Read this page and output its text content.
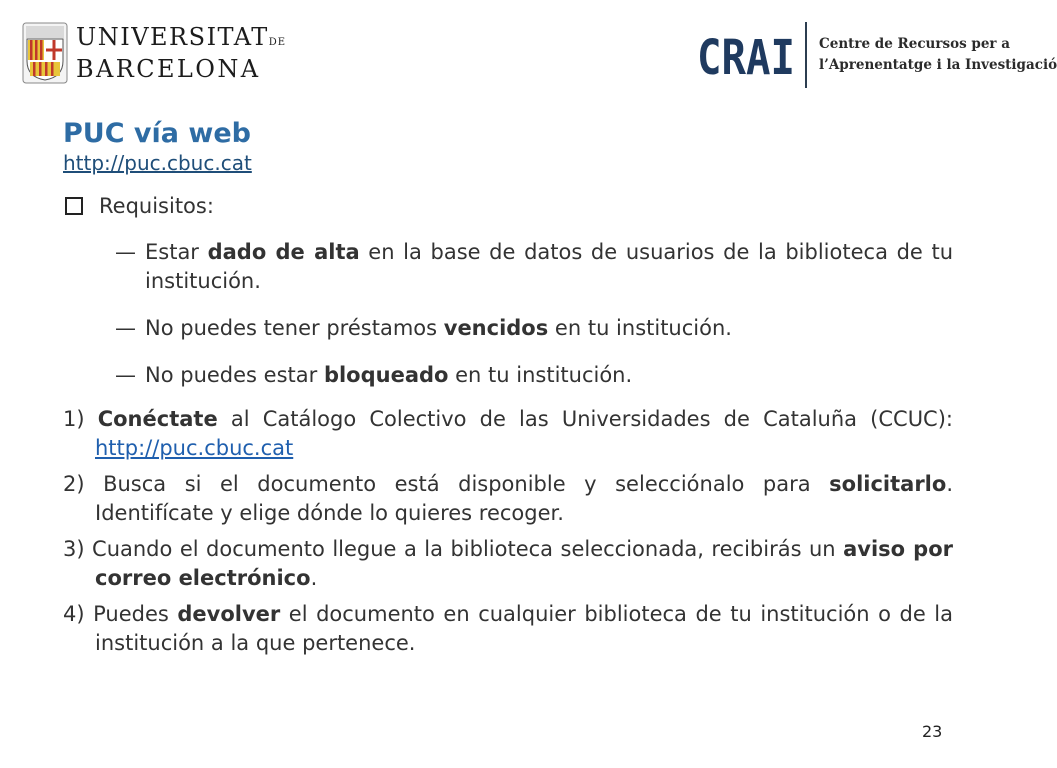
UNIVERSITATDE
BARCELONA	CRAI Centre de Recursos per a
l’Aprenentatge i la Investigació
PUC vía web
http://puc.cbuc.cat
Requisitos:
— Estar dado de alta en la base de datos de usuarios de la biblioteca de tu institución.
— No puedes tener préstamos vencidos en tu institución.
— No puedes estar bloqueado en tu institución.
1) Conéctate al Catálogo Colectivo de las Universidades de Cataluña (CCUC): http://puc.cbuc.cat
2) Busca si el documento está disponible y selecciónalo para solicitarlo. Identifícate y elige dónde lo quieres recoger.
3) Cuando el documento llegue a la biblioteca seleccionada, recibirás un aviso por correo electrónico.
4) Puedes devolver el documento en cualquier biblioteca de tu institución o de la institución a la que pertenece.
23
